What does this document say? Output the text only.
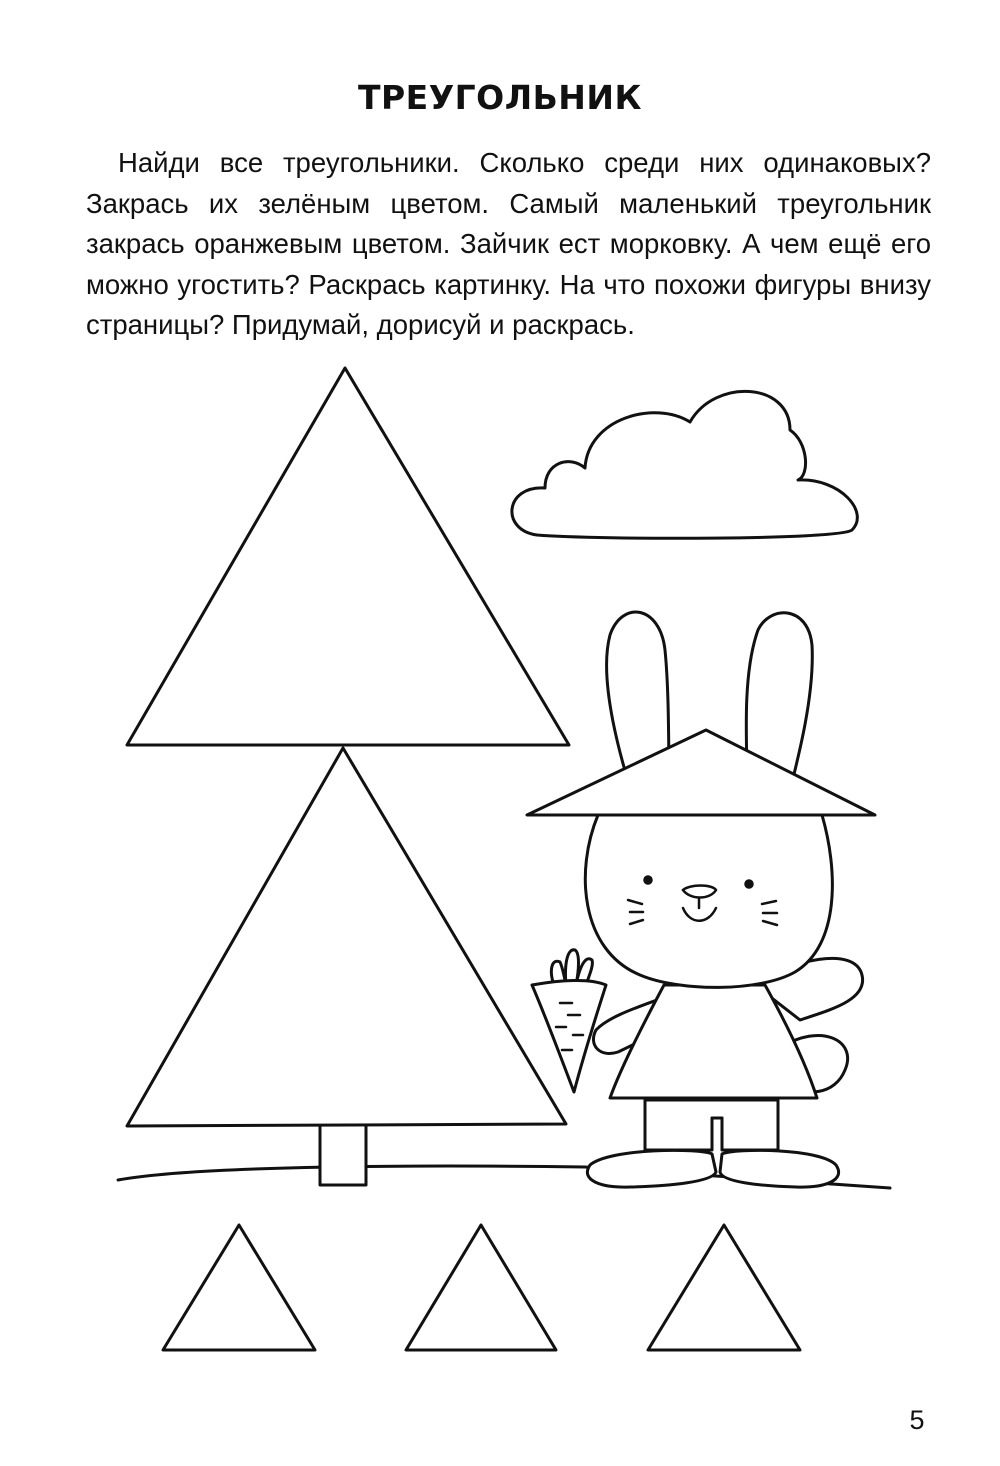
ТРЕУГОЛЬНИК

Найди все треугольники. Сколько среди них одинаковых? Закрась их зелёным цветом. Самый маленький треугольник закрась оранжевым цветом. Зайчик ест морковку. А чем ещё его можно угостить? Раскрась картинку. На что похожи фигуры внизу страницы? Придумай, дорисуй и раскрась.

5
